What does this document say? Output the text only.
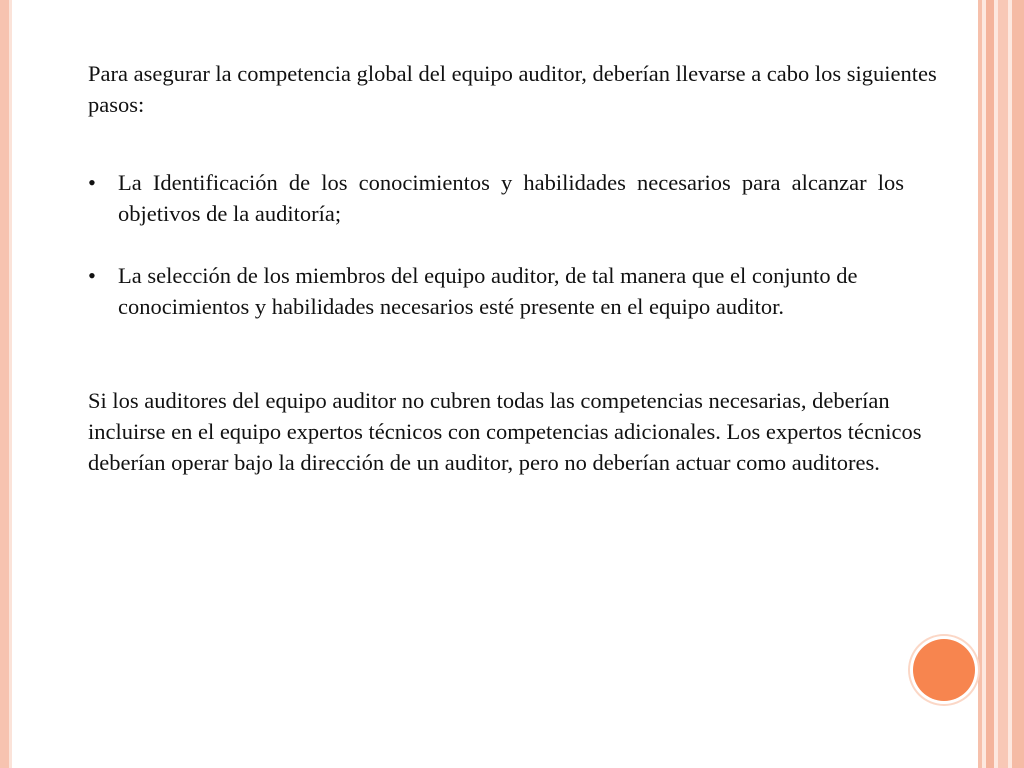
Para asegurar la competencia global del equipo auditor, deberían llevarse a cabo los siguientes pasos:

• La Identificación de los conocimientos y habilidades necesarios para alcanzar los objetivos de la auditoría;
• La selección de los miembros del equipo auditor, de tal manera que el conjunto de conocimientos y habilidades necesarios esté presente en el equipo auditor.

Si los auditores del equipo auditor no cubren todas las competencias necesarias, deberían incluirse en el equipo expertos técnicos con competencias adicionales. Los expertos técnicos deberían operar bajo la dirección de un auditor, pero no deberían actuar como auditores.
